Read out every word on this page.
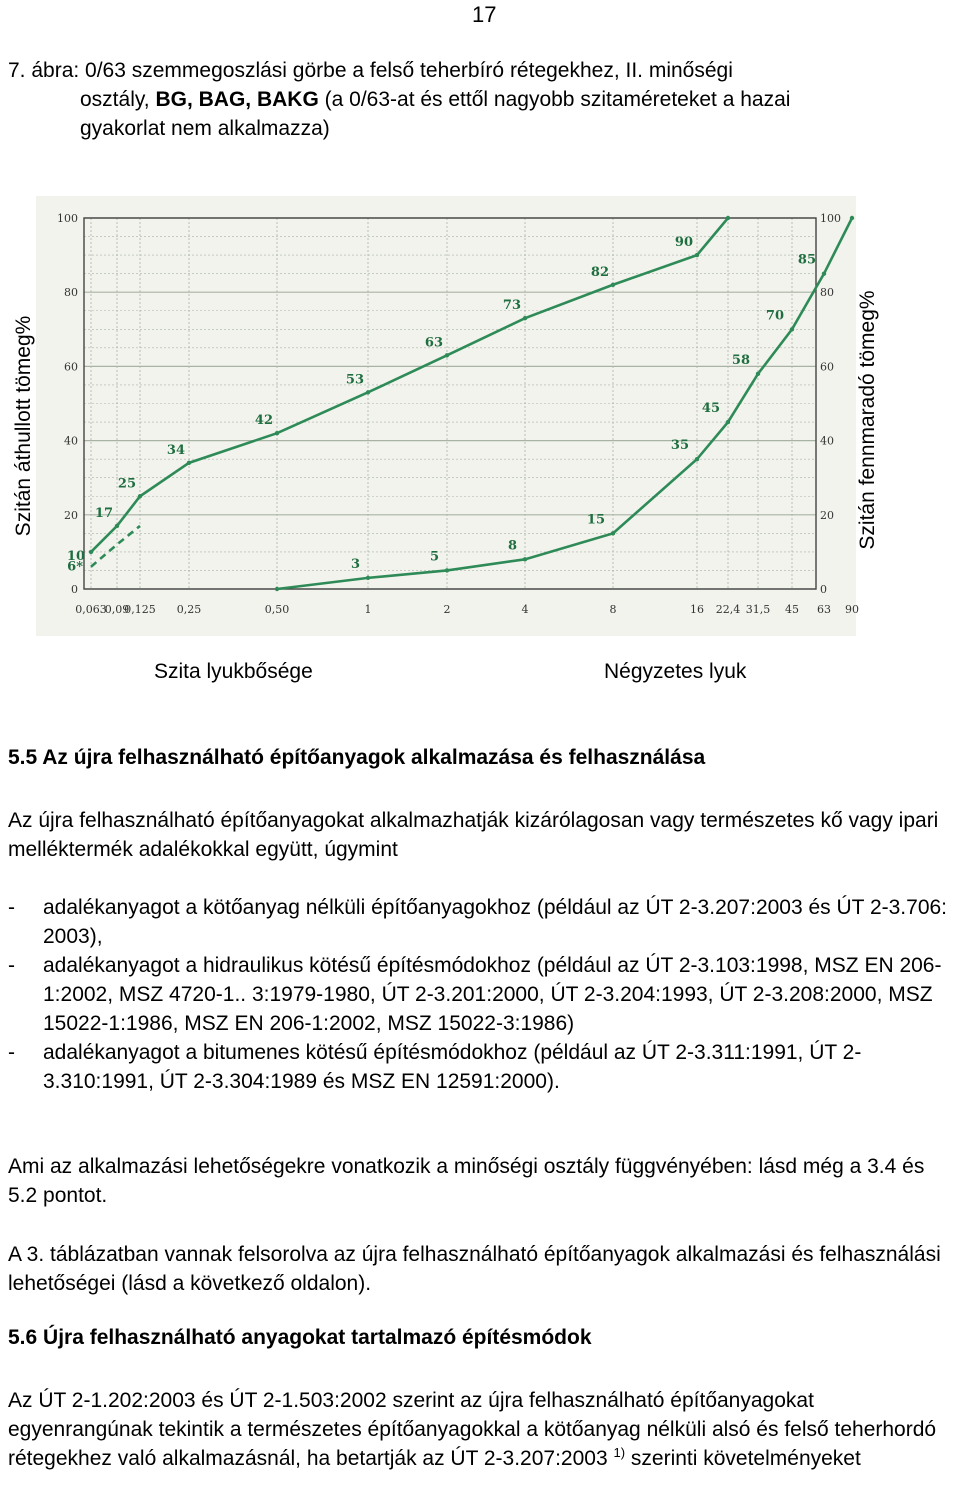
17
7. ábra: 0/63 szemmegoszlási görbe a felső teherbíró rétegekhez, II. minőségi
osztály, BG, BAG, BAKG (a 0/63-at és ettől nagyobb szitaméreteket a hazai
gyakorlat nem alkalmazza)
0
20
40
60
80
100	100
80
60
40
20
0
0,063
0,09
0,125 0,25	0,50	1	2	4	8	16 22,4 31,5 45 63 90
10
17
25
34
42
53
63
73
82
90
3	5
8
15
35
45
58
70
85
6*
Szitán áthullott tömeg%	Szitán fennmaradó tömeg%
Szita lyukbősége	Négyzetes lyuk
5.5 Az újra felhasználható építőanyagok alkalmazása és felhasználása
Az újra felhasználható építőanyagokat alkalmazhatják kizárólagosan vagy természetes kő vagy ipari melléktermék adalékokkal együtt, úgymint
- adalékanyagot a kötőanyag nélküli építőanyagokhoz (például az ÚT 2-3.207:2003 és ÚT 2-3.706: 2003),
- adalékanyagot a hidraulikus kötésű építésmódokhoz (például az ÚT 2-3.103:1998, MSZ EN 206-1:2002, MSZ 4720-1.. 3:1979-1980, ÚT 2-3.201:2000, ÚT 2-3.204:1993, ÚT 2-3.208:2000, MSZ 15022-1:1986, MSZ EN 206-1:2002, MSZ 15022-3:1986)
- adalékanyagot a bitumenes kötésű építésmódokhoz (például az ÚT 2-3.311:1991, ÚT 2-3.310:1991, ÚT 2-3.304:1989 és MSZ EN 12591:2000).
Ami az alkalmazási lehetőségekre vonatkozik a minőségi osztály függvényében: lásd még a 3.4 és 5.2 pontot.
A 3. táblázatban vannak felsorolva az újra felhasználható építőanyagok alkalmazási és felhasználási lehetőségei (lásd a következő oldalon).
5.6 Újra felhasználható anyagokat tartalmazó építésmódok
Az ÚT 2-1.202:2003 és ÚT 2-1.503:2002 szerint az újra felhasználható építőanyagokat egyenrangúnak tekintik a természetes építőanyagokkal a kötőanyag nélküli alsó és felső teherhordó rétegekhez való alkalmazásnál, ha betartják az ÚT 2-3.207:2003 $^{1)}$ szerinti követelményeket
